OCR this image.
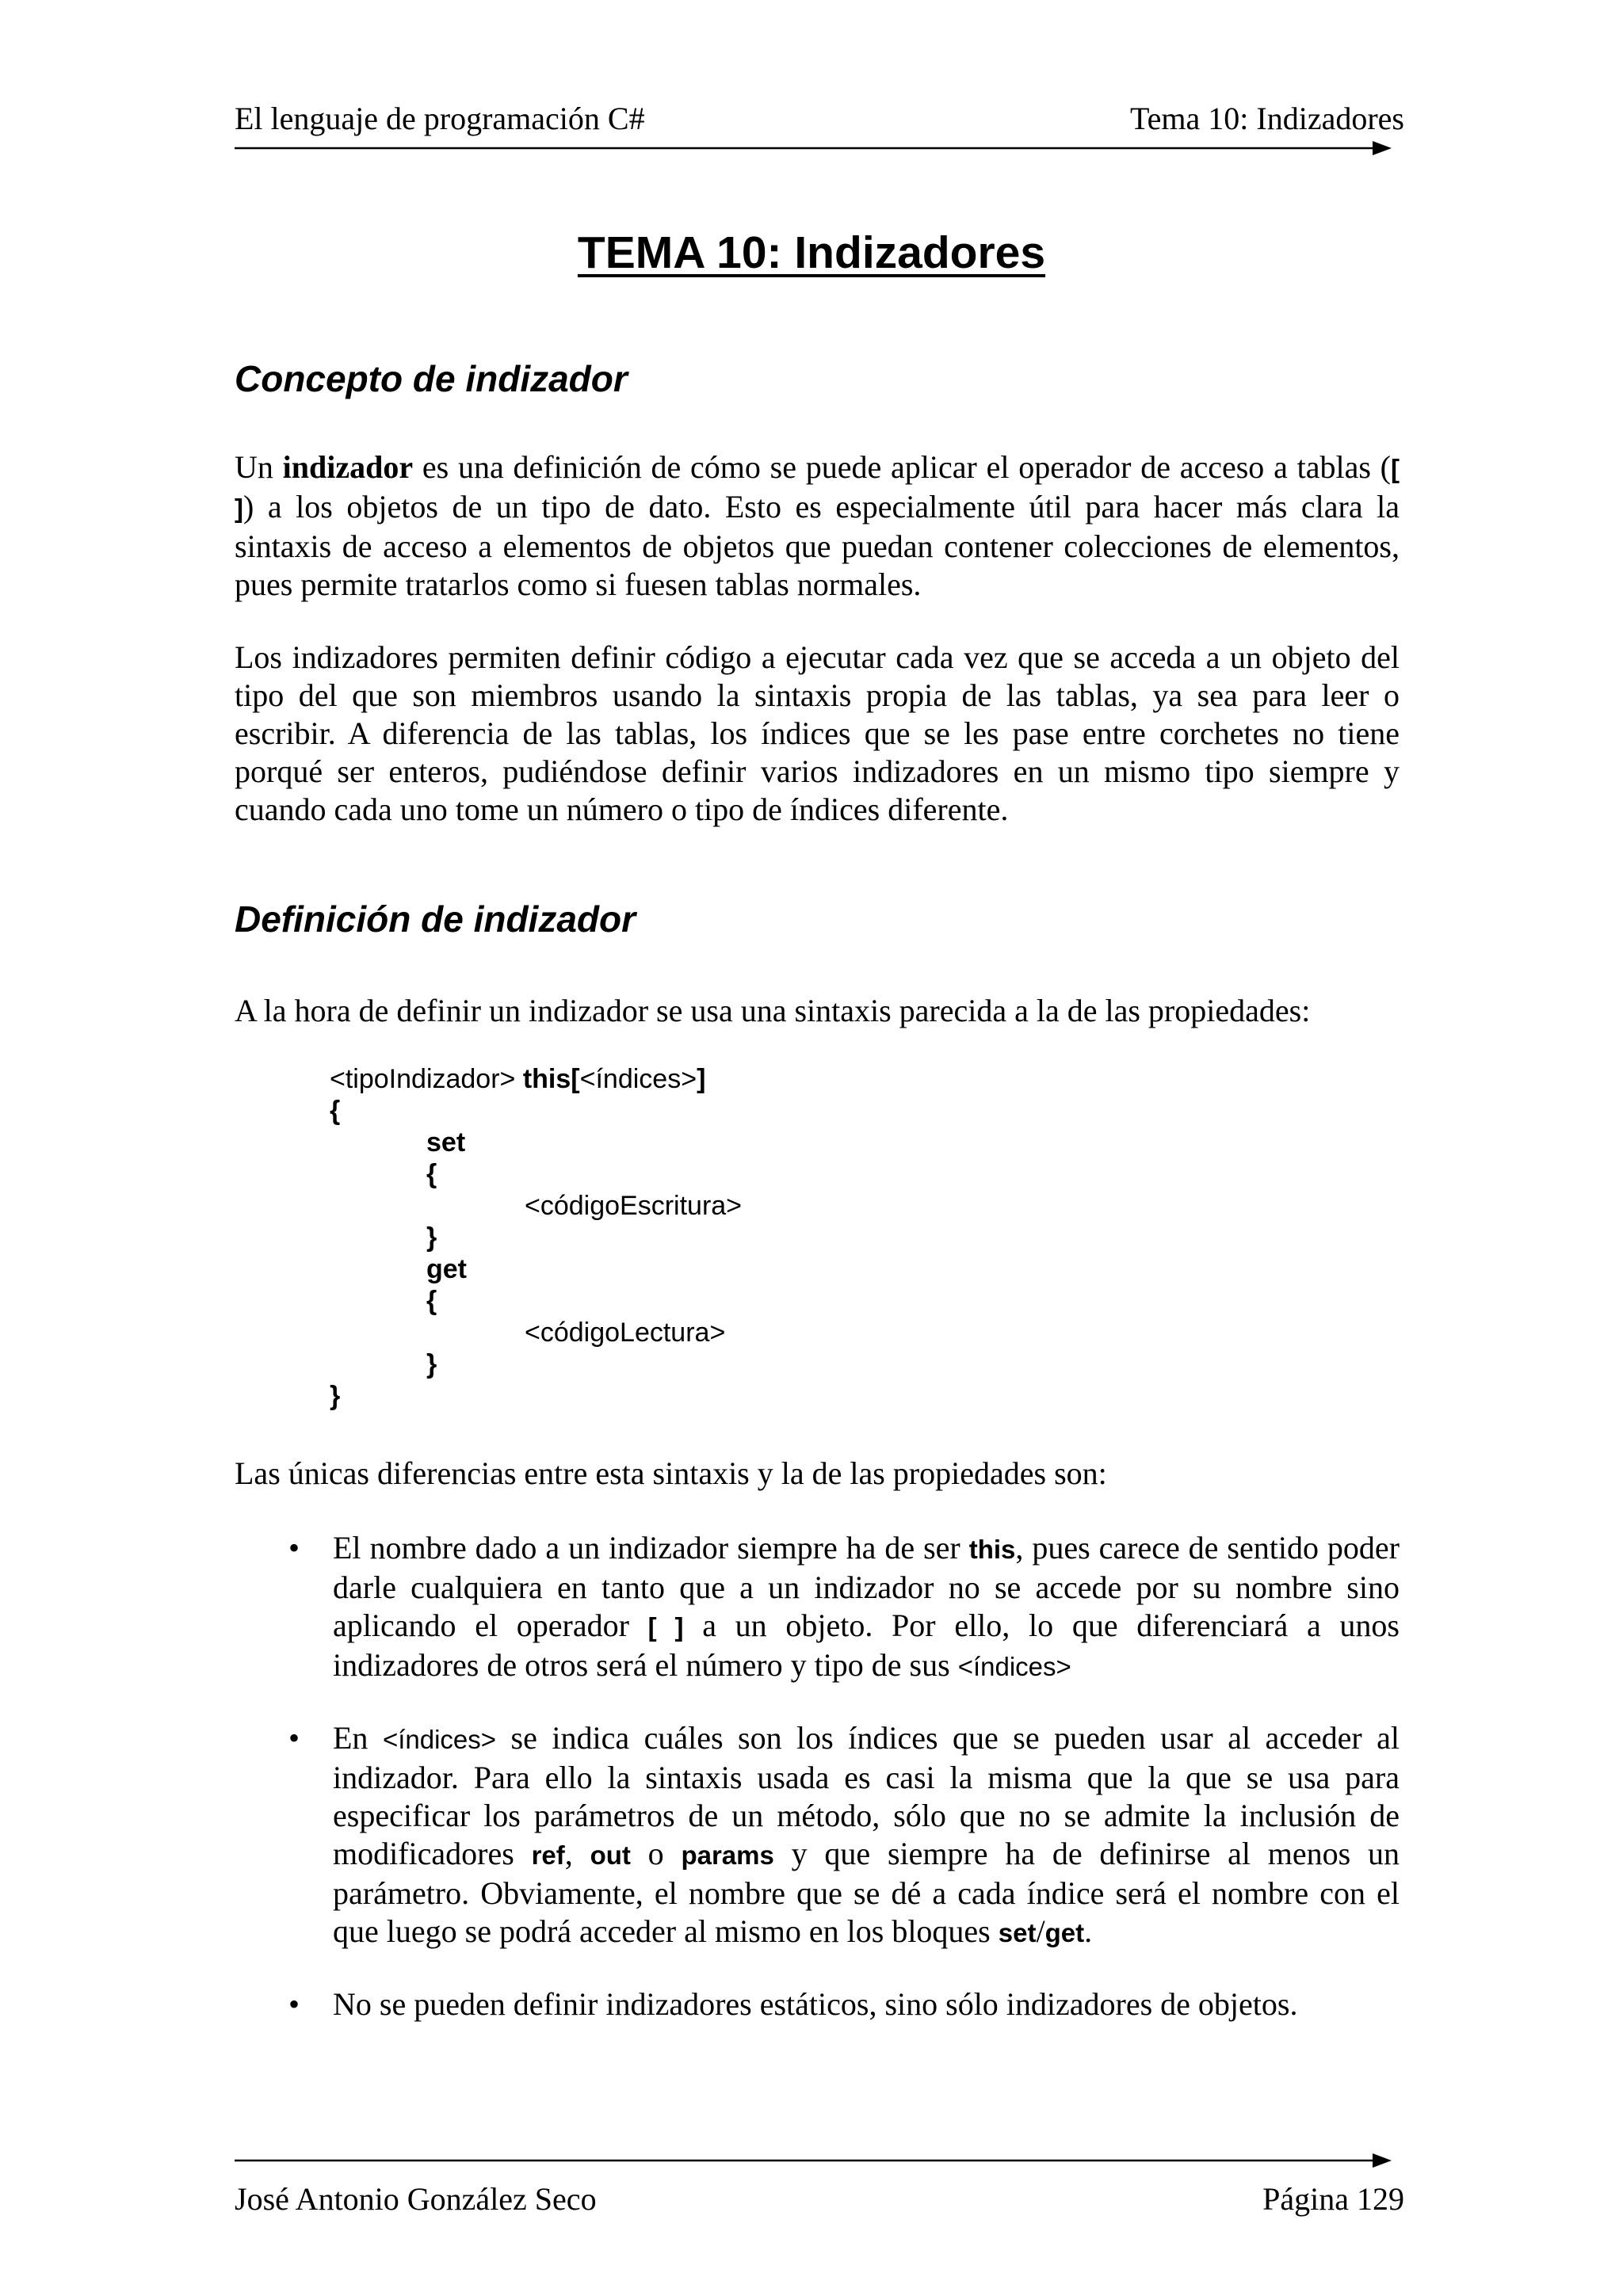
El lenguaje de programación C#	Tema 10: Indizadores
TEMA 10: Indizadores
Concepto de indizador

Un indizador es una definición de cómo se puede aplicar el operador de acceso a tablas ([ ]) a los objetos de un tipo de dato. Esto es especialmente útil para hacer más clara la sintaxis de acceso a elementos de objetos que puedan contener colecciones de elementos, pues permite tratarlos como si fuesen tablas normales.

Los indizadores permiten definir código a ejecutar cada vez que se acceda a un objeto del tipo del que son miembros usando la sintaxis propia de las tablas, ya sea para leer o escribir. A diferencia de las tablas, los índices que se les pase entre corchetes no tiene porqué ser enteros, pudiéndose definir varios indizadores en un mismo tipo siempre y cuando cada uno tome un número o tipo de índices diferente.

Definición de indizador

A la hora de definir un indizador se usa una sintaxis parecida a la de las propiedades:

<tipoIndizador> this[<índices>]
{
set
{
<códigoEscritura>
}
get
{
<códigoLectura>
}
}

Las únicas diferencias entre esta sintaxis y la de las propiedades son:

• El nombre dado a un indizador siempre ha de ser this, pues carece de sentido poder darle cualquiera en tanto que a un indizador no se accede por su nombre sino aplicando el operador [ ] a un objeto. Por ello, lo que diferenciará a unos indizadores de otros será el número y tipo de sus <índices>

• En <índices> se indica cuáles son los índices que se pueden usar al acceder al indizador. Para ello la sintaxis usada es casi la misma que la que se usa para especificar los parámetros de un método, sólo que no se admite la inclusión de modificadores ref, out o params y que siempre ha de definirse al menos un parámetro. Obviamente, el nombre que se dé a cada índice será el nombre con el que luego se podrá acceder al mismo en los bloques set/get.

• No se pueden definir indizadores estáticos, sino sólo indizadores de objetos.

José Antonio González Seco	Página 129
